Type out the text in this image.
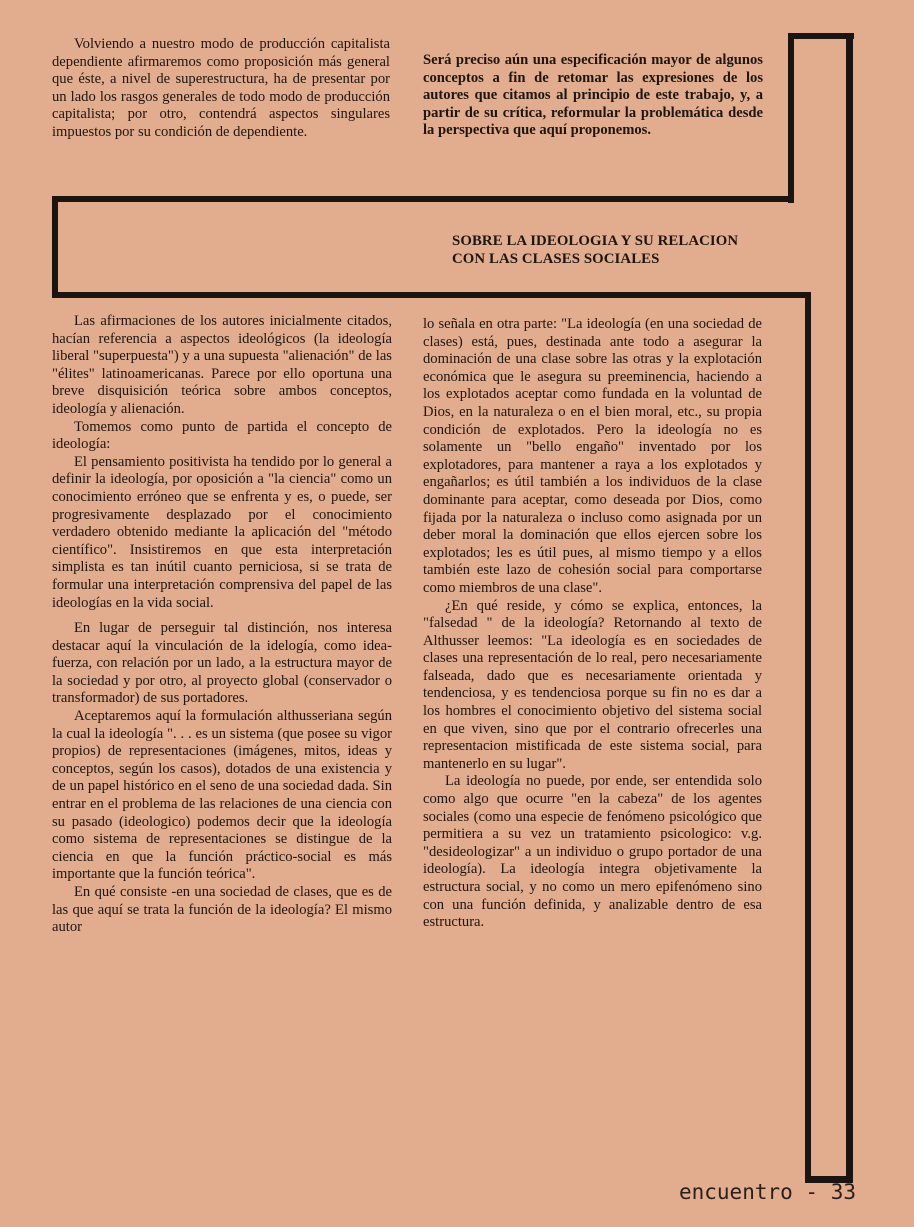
Volviendo a nuestro modo de producción capitalista dependiente afirmaremos como proposición más general que éste, a nivel de superestructura, ha de presentar por un lado los rasgos generales de todo modo de producción capitalista; por otro, contendrá aspectos singulares impuestos por su condición de dependiente.

Será preciso aún una especificación mayor de algunos conceptos a fin de retomar las expresiones de los autores que citamos al principio de este trabajo, y, a partir de su crítica, reformular la problemática desde la perspectiva que aquí proponemos.

SOBRE LA IDEOLOGIA Y SU RELACION
CON LAS CLASES SOCIALES

Las afirmaciones de los autores inicialmente citados, hacían referencia a aspectos ideológicos (la ideología liberal "superpuesta") y a una supuesta "alienación" de las "élites" latinoamericanas. Parece por ello oportuna una breve disquisición teórica sobre ambos conceptos, ideología y alienación.

Tomemos como punto de partida el concepto de ideología:

El pensamiento positivista ha tendido por lo general a definir la ideología, por oposición a "la ciencia" como un conocimiento erróneo que se enfrenta y es, o puede, ser progresivamente desplazado por el conocimiento verdadero obtenido mediante la aplicación del "método científico". Insistiremos en que esta interpretación simplista es tan inútil cuanto perniciosa, si se trata de formular una interpretación comprensiva del papel de las ideologías en la vida social.

En lugar de perseguir tal distinción, nos interesa destacar aquí la vinculación de la idelogía, como idea-fuerza, con relación por un lado, a la estructura mayor de la sociedad y por otro, al proyecto global (conservador o transformador) de sus portadores.

Aceptaremos aquí la formulación althusseriana según la cual la ideología ". . . es un sistema (que posee su vigor propios) de representaciones (imágenes, mitos, ideas y conceptos, según los casos), dotados de una existencia y de un papel histórico en el seno de una sociedad dada. Sin entrar en el problema de las relaciones de una ciencia con su pasado (ideologico) podemos decir que la ideología como sistema de representaciones se distingue de la ciencia en que la función práctico-social es más importante que la función teórica".

En qué consiste -en una sociedad de clases, que es de las que aquí se trata la función de la ideología? El mismo autor

lo señala en otra parte: "La ideología (en una sociedad de clases) está, pues, destinada ante todo a asegurar la dominación de una clase sobre las otras y la explotación económica que le asegura su preeminencia, haciendo a los explotados aceptar como fundada en la voluntad de Dios, en la naturaleza o en el bien moral, etc., su propia condición de explotados. Pero la ideología no es solamente un "bello engaño" inventado por los explotadores, para mantener a raya a los explotados y engañarlos; es útil también a los individuos de la clase dominante para aceptar, como deseada por Dios, como fijada por la naturaleza o incluso como asignada por un deber moral la dominación que ellos ejercen sobre los explotados; les es útil pues, al mismo tiempo y a ellos también este lazo de cohesión social para comportarse como miembros de una clase".

¿En qué reside, y cómo se explica, entonces, la "falsedad " de la ideología? Retornando al texto de Althusser leemos: "La ideología es en sociedades de clases una representación de lo real, pero necesariamente falseada, dado que es necesariamente orientada y tendenciosa, y es tendenciosa porque su fin no es dar a los hombres el conocimiento objetivo del sistema social en que viven, sino que por el contrario ofrecerles una representacion mistificada de este sistema social, para mantenerlo en su lugar".

La ideología no puede, por ende, ser entendida solo como algo que ocurre "en la cabeza" de los agentes sociales (como una especie de fenómeno psicológico que permitiera a su vez un tratamiento psicologico: v.g. "desideologizar" a un individuo o grupo portador de una ideología). La ideología integra objetivamente la estructura social, y no como un mero epifenómeno sino con una función definida, y analizable dentro de esa estructura.

encuentro - 33
